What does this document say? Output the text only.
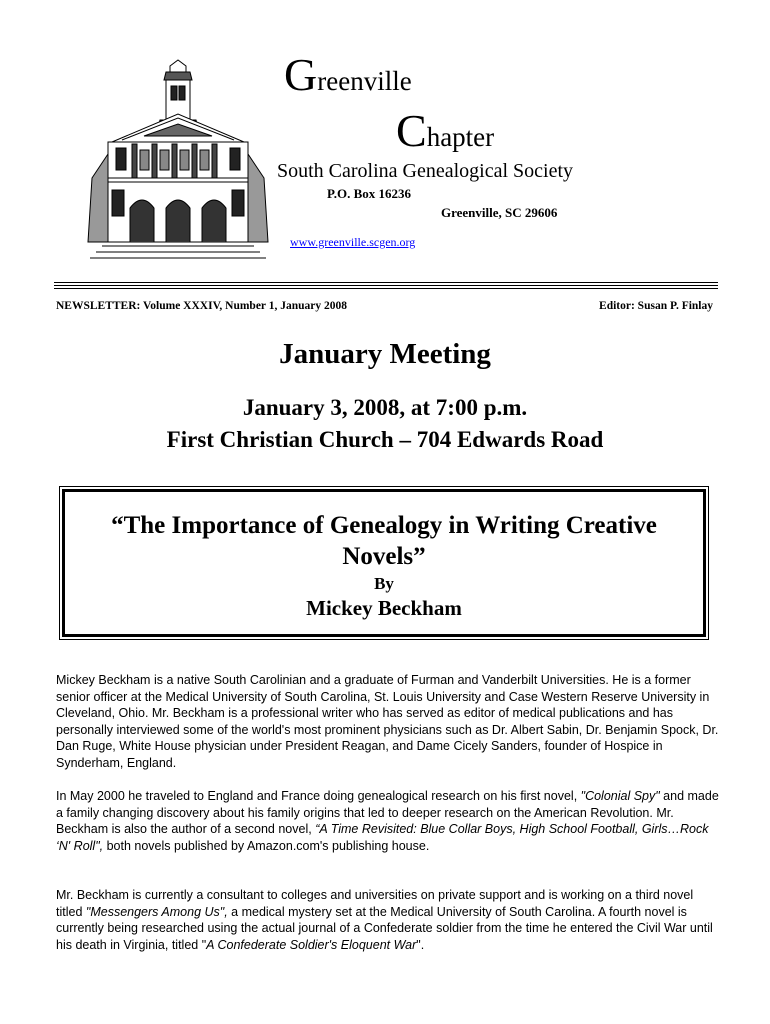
Greenville
Chapter
South Carolina Genealogical Society
P.O. Box 16236
Greenville, SC 29606
www.greenville.scgen.org
NEWSLETTER: Volume XXXIV, Number 1, January 2008	Editor: Susan P. Finlay
January Meeting
January 3, 2008, at 7:00 p.m.
First Christian Church – 704 Edwards Road
“The Importance of Genealogy in Writing Creative Novels”
By
Mickey Beckham

Mickey Beckham is a native South Carolinian and a graduate of Furman and Vanderbilt Universities. He is a former senior officer at the Medical University of South Carolina, St. Louis University and Case Western Reserve University in Cleveland, Ohio. Mr. Beckham is a professional writer who has served as editor of medical publications and has personally interviewed some of the world's most prominent physicians such as Dr. Albert Sabin, Dr. Benjamin Spock, Dr. Dan Ruge, White House physician under President Reagan, and Dame Cicely Sanders, founder of Hospice in Synderham, England.

In May 2000 he traveled to England and France doing genealogical research on his first novel, "Colonial Spy" and made a family changing discovery about his family origins that led to deeper research on the American Revolution. Mr. Beckham is also the author of a second novel, “A Time Revisited: Blue Collar Boys, High School Football, Girls…Rock ‘N' Roll", both novels published by Amazon.com's publishing house.

Mr. Beckham is currently a consultant to colleges and universities on private support and is working on a third novel titled "Messengers Among Us", a medical mystery set at the Medical University of South Carolina. A fourth novel is currently being researched using the actual journal of a Confederate soldier from the time he entered the Civil War until his death in Virginia, titled "A Confederate Soldier's Eloquent War".
